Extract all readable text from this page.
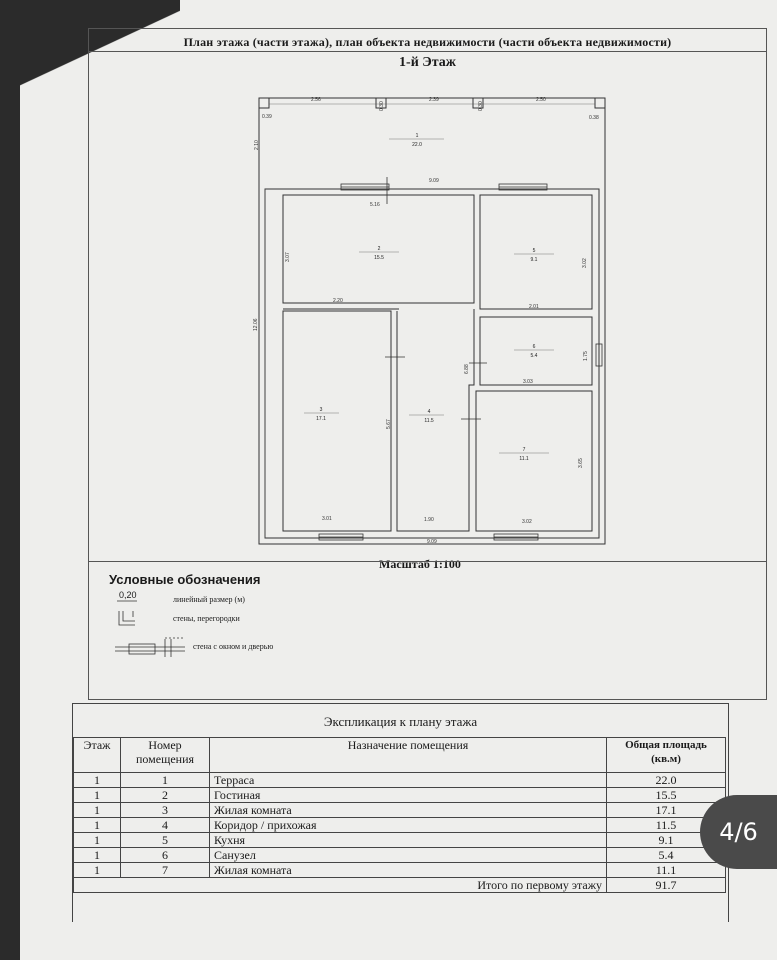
План этажа (части этажа), план объекта недвижимости (части объекта недвижимости)
1-й Этаж
2.56
0.30
2.39
0.30
2.50
0.39	0.38
2.10
9.09
5.16
3.07
3.02
2.20
2.01
12.06
1.75
6.88
3.03
5.67
3.65
3.01	1.90	3.02
9.09
1
22.0
2
15.5
5
9.1
6
5.4
3
17.1
4
11.5
7
11.1
Масштаб 1:100
Условные обозначения
0,20	линейный размер (м)
стены, перегородки
стена с окном и дверью
Экспликация к плану этажа
Этаж	Номер помещения	Назначение помещения	Общая площадь (кв.м)
1	1	Терраса	22.0
1	2	Гостиная	15.5
1	3	Жилая комната	17.1
1	4	Коридор / прихожая	11.5
1	5	Кухня	9.1
1	6	Санузел	5.4
1	7	Жилая комната	11.1
Итого по первому этажу			91.7
4/6
